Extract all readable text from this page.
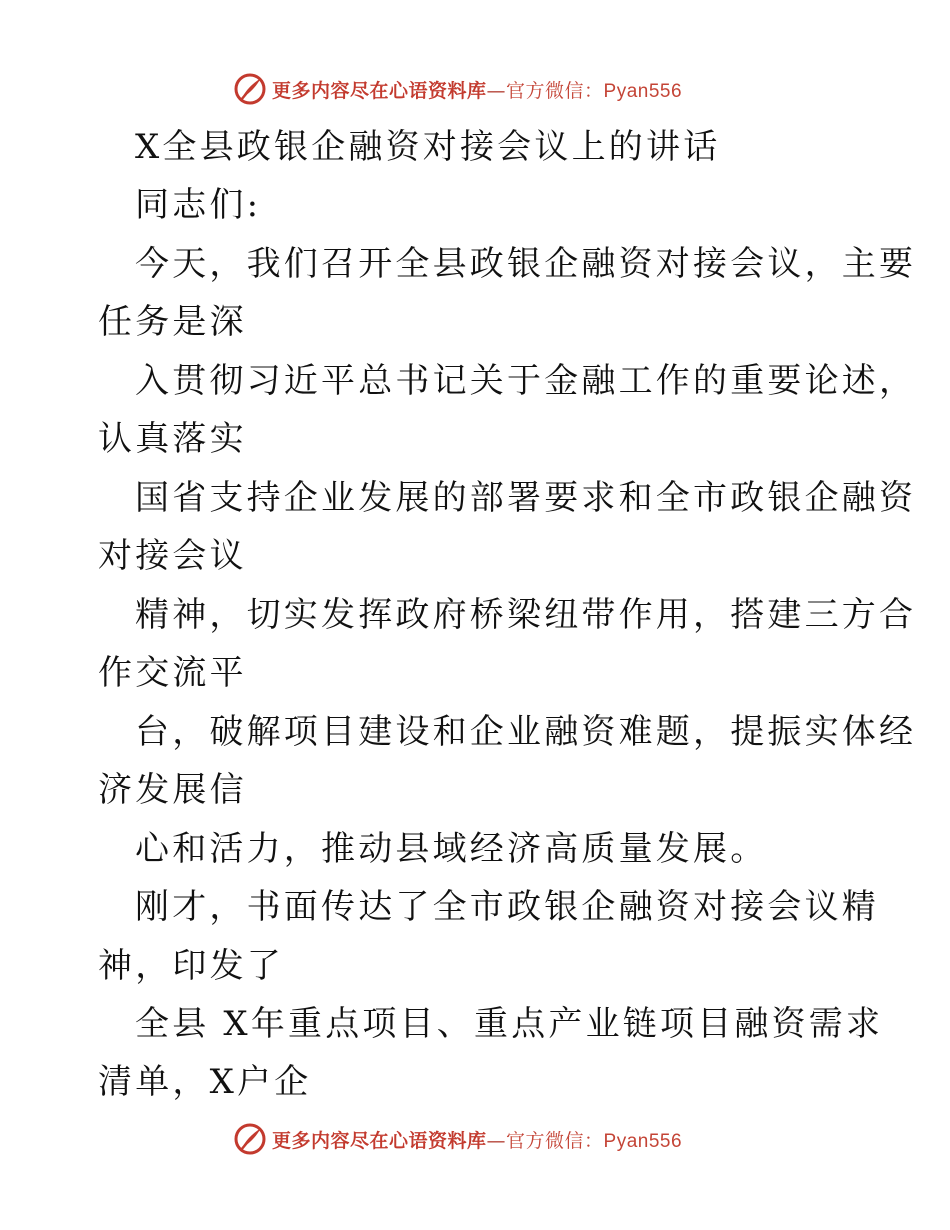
更多内容尽在心语资料库—官方微信：Pyan556
X全县政银企融资对接会议上的讲话
同志们:
今天，我们召开全县政银企融资对接会议，主要
任务是深
入贯彻习近平总书记关于金融工作的重要论述，
认真落实
国省支持企业发展的部署要求和全市政银企融资
对接会议
精神，切实发挥政府桥梁纽带作用，搭建三方合
作交流平
台，破解项目建设和企业融资难题，提振实体经
济发展信
心和活力，推动县域经济高质量发展。
刚才，书面传达了全市政银企融资对接会议精
神，印发了
全县 X年重点项目、重点产业链项目融资需求
清单，X户企
更多内容尽在心语资料库—官方微信：Pyan556
